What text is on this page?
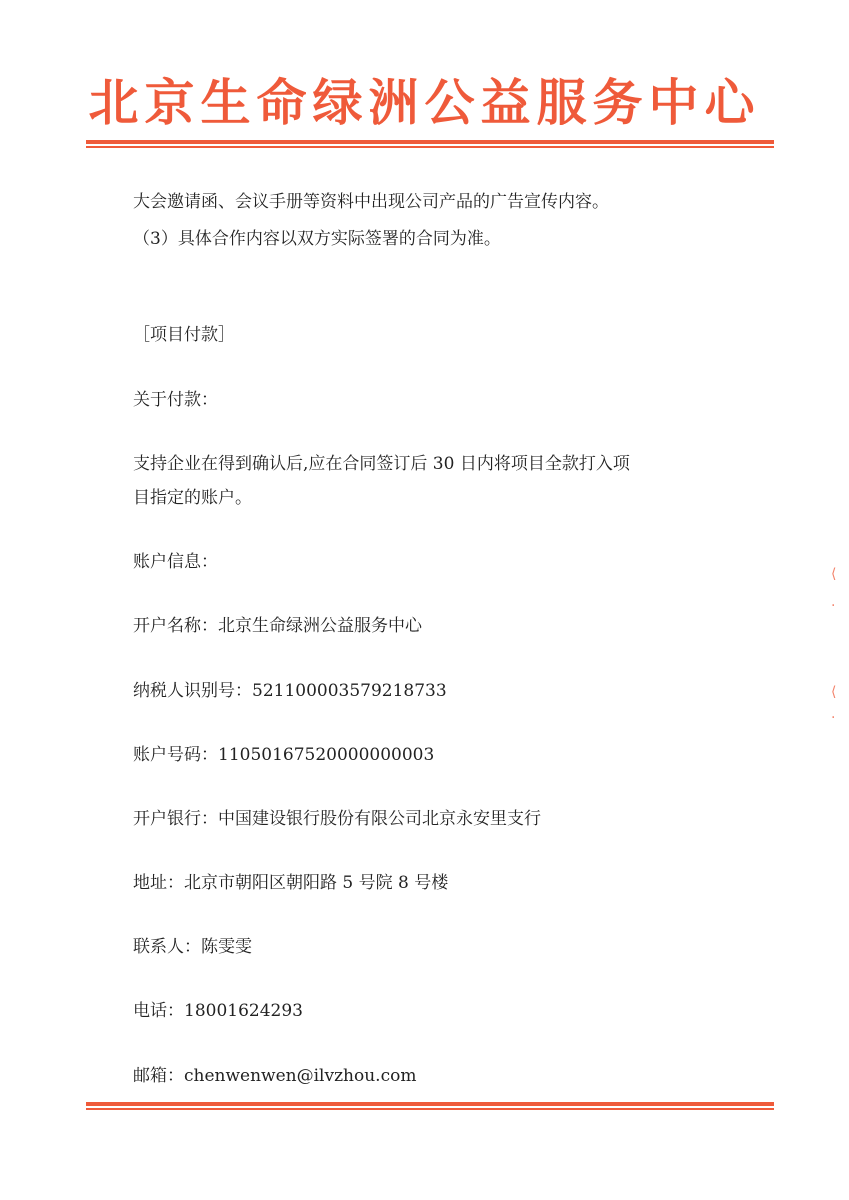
北京生命绿洲公益服务中心
大会邀请函、会议手册等资料中出现公司产品的广告宣传内容。
（3）具体合作内容以双方实际签署的合同为准。
［项目付款］
关于付款：
支持企业在得到确认后,应在合同签订后 30 日内将项目全款打入项
目指定的账户。
账户信息：
开户名称：北京生命绿洲公益服务中心
纳税人识别号：521100003579218733
账户号码：11050167520000000003
开户银行：中国建设银行股份有限公司北京永安里支行
地址：北京市朝阳区朝阳路 5 号院 8 号楼
联系人：陈雯雯
电话：18001624293
邮箱：chenwenwen@ilvzhou.com
⟨
·
⟨
·
